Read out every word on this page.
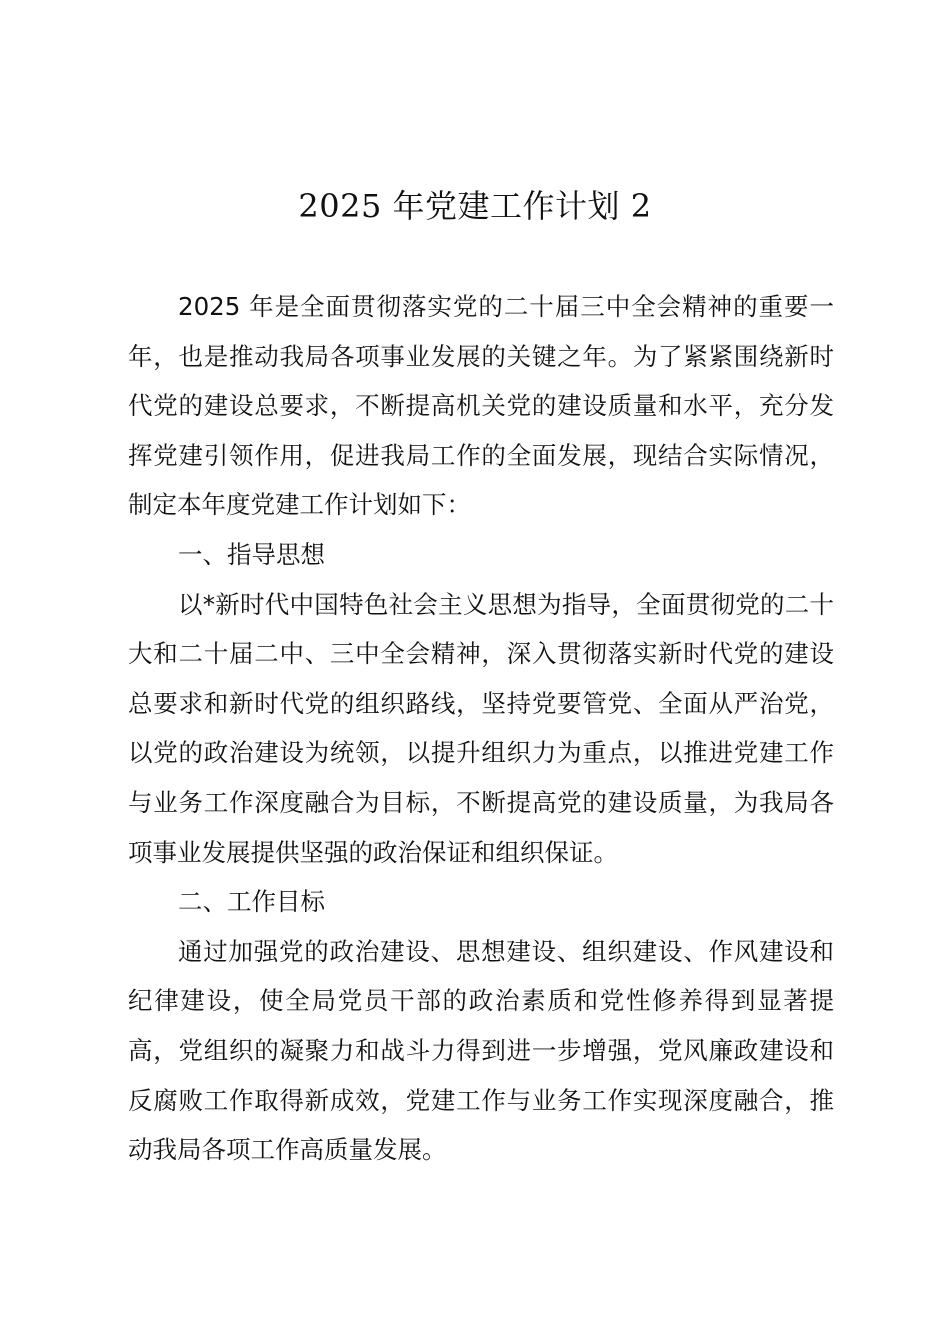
2025 年党建工作计划 2

2025 年是全面贯彻落实党的二十届三中全会精神的重要一年，也是推动我局各项事业发展的关键之年。为了紧紧围绕新时代党的建设总要求，不断提高机关党的建设质量和水平，充分发挥党建引领作用，促进我局工作的全面发展，现结合实际情况，制定本年度党建工作计划如下：

一、指导思想

以*新时代中国特色社会主义思想为指导，全面贯彻党的二十大和二十届二中、三中全会精神，深入贯彻落实新时代党的建设总要求和新时代党的组织路线，坚持党要管党、全面从严治党，以党的政治建设为统领，以提升组织力为重点，以推进党建工作与业务工作深度融合为目标，不断提高党的建设质量，为我局各项事业发展提供坚强的政治保证和组织保证。

二、工作目标

通过加强党的政治建设、思想建设、组织建设、作风建设和纪律建设，使全局党员干部的政治素质和党性修养得到显著提高，党组织的凝聚力和战斗力得到进一步增强，党风廉政建设和反腐败工作取得新成效，党建工作与业务工作实现深度融合，推动我局各项工作高质量发展。
